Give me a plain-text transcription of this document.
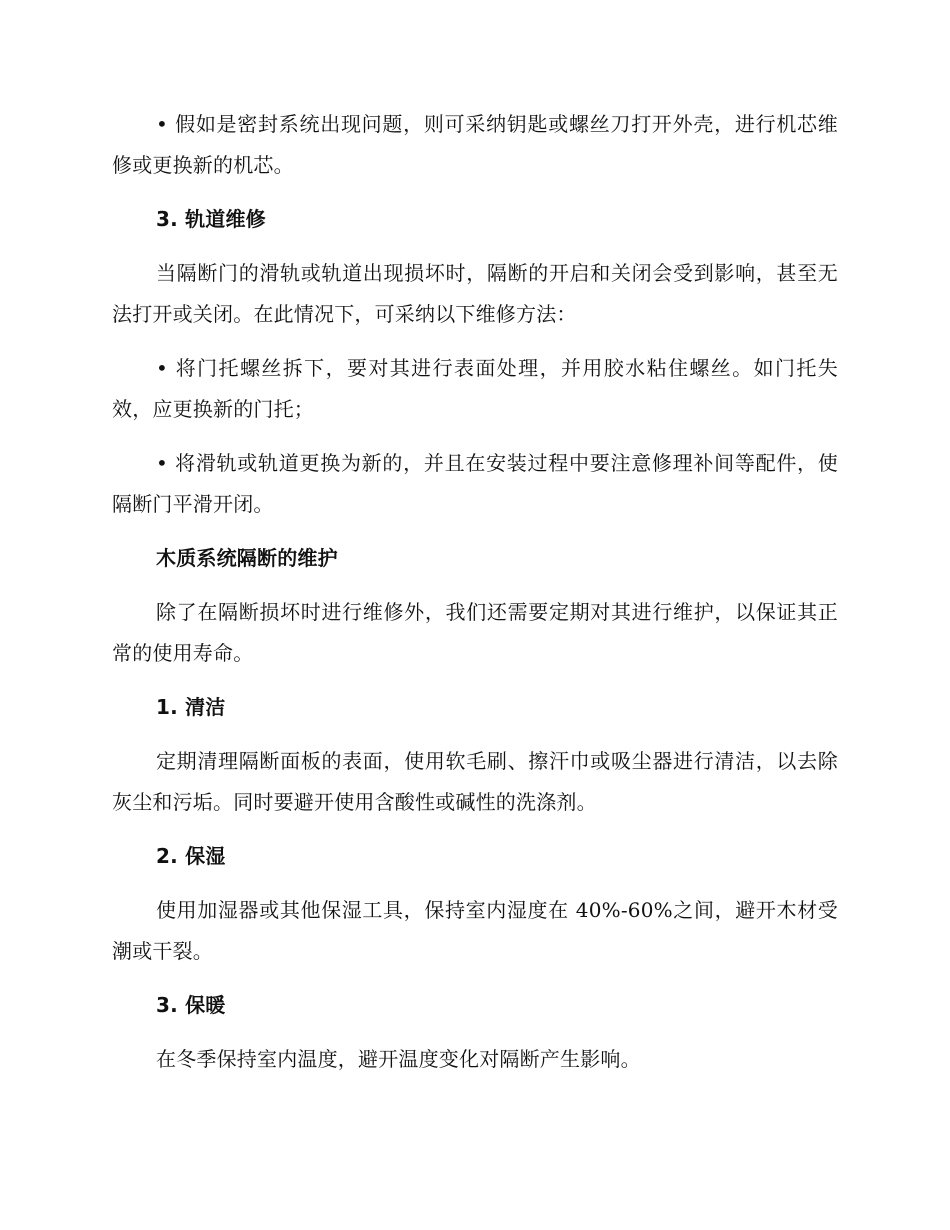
• 假如是密封系统出现问题，则可采纳钥匙或螺丝刀打开外壳，进行机芯维修或更换新的机芯。

3. 轨道维修

当隔断门的滑轨或轨道出现损坏时，隔断的开启和关闭会受到影响，甚至无法打开或关闭。在此情况下，可采纳以下维修方法：

• 将门托螺丝拆下，要对其进行表面处理，并用胶水粘住螺丝。如门托失效，应更换新的门托；

• 将滑轨或轨道更换为新的，并且在安装过程中要注意修理补间等配件，使隔断门平滑开闭。

木质系统隔断的维护

除了在隔断损坏时进行维修外，我们还需要定期对其进行维护，以保证其正常的使用寿命。

1. 清洁

定期清理隔断面板的表面，使用软毛刷、擦汗巾或吸尘器进行清洁，以去除灰尘和污垢。同时要避开使用含酸性或碱性的洗涤剂。

2. 保湿

使用加湿器或其他保湿工具，保持室内湿度在 40%-60%之间，避开木材受潮或干裂。

3. 保暖

在冬季保持室内温度，避开温度变化对隔断产生影响。
